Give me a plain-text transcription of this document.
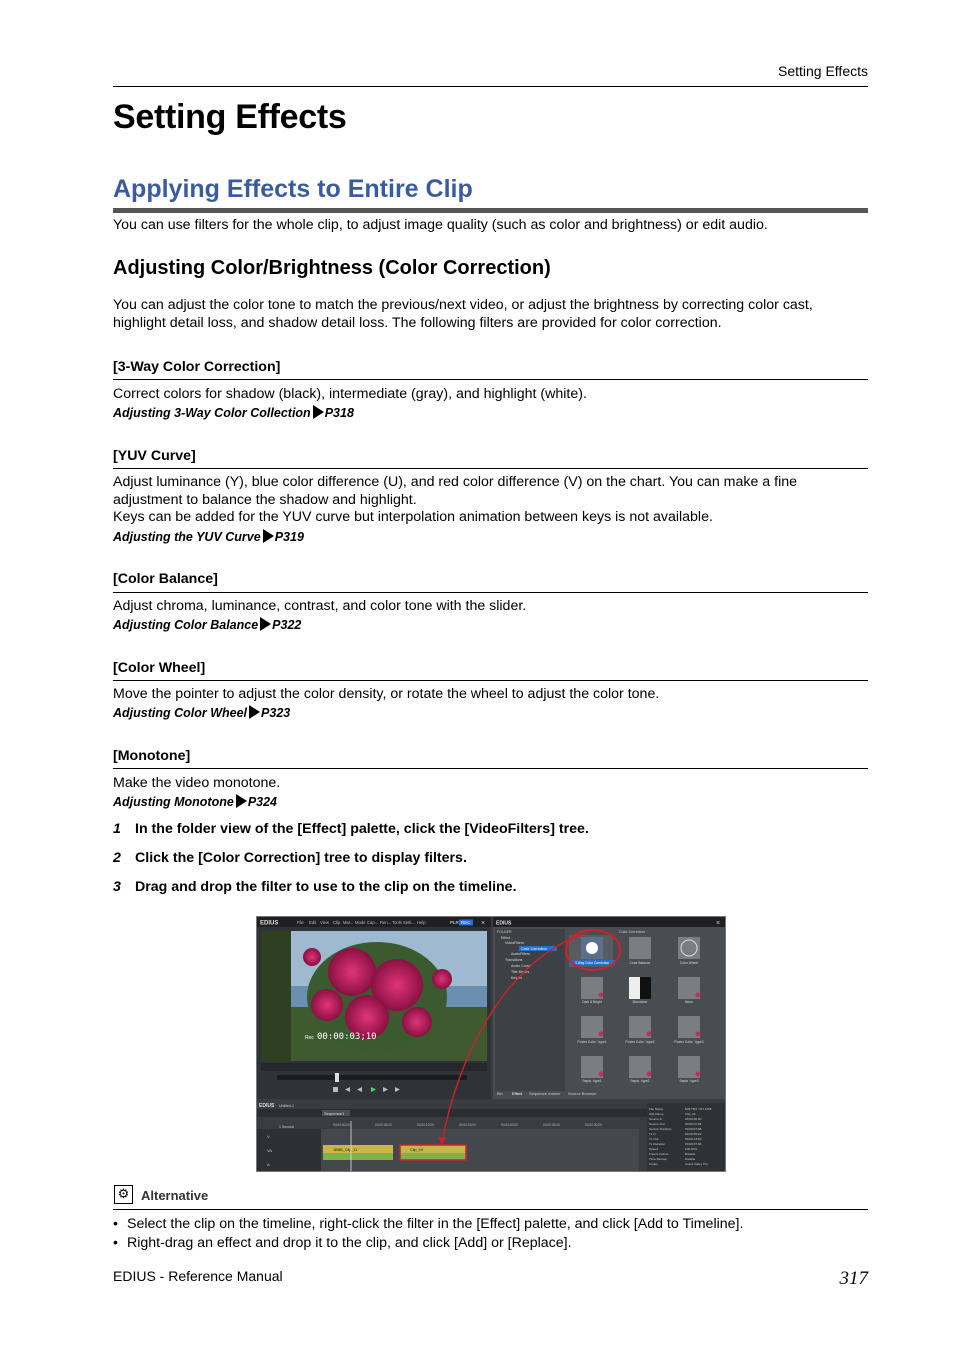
Setting Effects
Setting Effects
Applying Effects to Entire Clip
You can use filters for the whole clip, to adjust image quality (such as color and brightness) or edit audio.
Adjusting Color/Brightness (Color Correction)
You can adjust the color tone to match the previous/next video, or adjust the brightness by correcting color cast,
highlight detail loss, and shadow detail loss. The following filters are provided for color correction.
[3-Way Color Correction]
Correct colors for shadow (black), intermediate (gray), and highlight (white).
Adjusting 3-Way Color Collection P318
[YUV Curve]
Adjust luminance (Y), blue color difference (U), and red color difference (V) on the chart. You can make a fine
adjustment to balance the shadow and highlight.
Keys can be added for the YUV curve but interpolation animation between keys is not available.
Adjusting the YUV Curve P319
[Color Balance]
Adjust chroma, luminance, contrast, and color tone with the slider.
Adjusting Color Balance P322
[Color Wheel]
Move the pointer to adjust the color density, or rotate the wheel to adjust the color tone.
Adjusting Color Wheel P323
[Monotone]
Make the video monotone.
Adjusting Monotone P324
1 In the folder view of the [Effect] palette, click the [VideoFilters] tree.
2 Click the [Color Correction] tree to display filters.
3 Drag and drop the filter to use to the clip on the timeline.
EDIUS	File Edit View Clip Mar... Mode Cap... Ren... Tools Setti... Help	PLR REC ×
Rec 00:00:03;10
EDIUS	×
FOLDER
Effect
VideoFilters
Color Correction
AudioFilters
Transitions
Audio Cross
Title Mixers
Keyers
Color Correction
3-Way Color Correction	Color Balance	Color Wheel
Dark & Bright	Monotone	Neon
Poster Color : type1	Poster Color : type2	Poster Color : type3
Sepia : type1	Sepia : type2	Sepia : type3
Bin Effect Sequence marker Source Browser
EDIUS Untitled-1
Sequence1
1 Second	00:00:00;00	00:00:05;00	00:00:10;00	00:00:15;00	00:00:20;00	00:00:25;00	00:00:30;00
V
VA
A
1BBB_Clip_11	Clip_04
File Name	MM:TR3 / SH 1258
Clip Name	Clip_04
Source In	00:00:00;00
Source Out	00:00:07;08
Source Duration	00:00:07;08
TL In	00:00:05;22
TL Out	00:00:13;00
TL Duration	00:00:07;08
Speed	100.00%
Freeze Frame	Disable
Time Remap	Disable
Codec	Grass Valley HQ
⚙ Alternative
• Select the clip on the timeline, right-click the filter in the [Effect] palette, and click [Add to Timeline].
• Right-drag an effect and drop it to the clip, and click [Add] or [Replace].
EDIUS - Reference Manual	317
